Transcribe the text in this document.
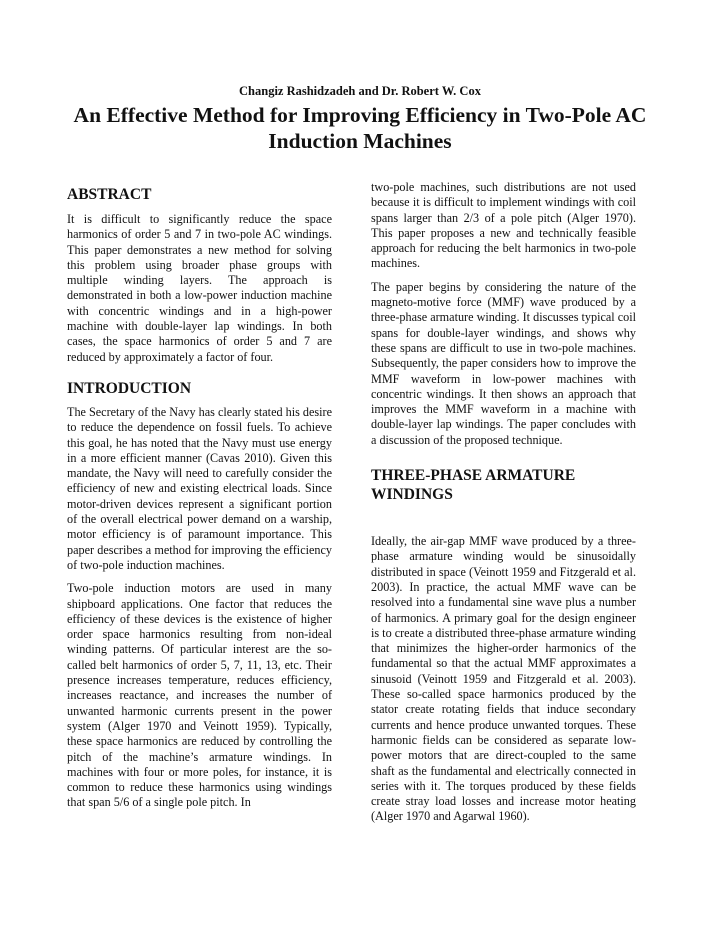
Changiz Rashidzadeh and Dr. Robert W. Cox
An Effective Method for Improving Efficiency in Two-Pole AC Induction Machines
ABSTRACT

It is difficult to significantly reduce the space harmonics of order 5 and 7 in two-pole AC windings. This paper demonstrates a new method for solving this problem using broader phase groups with multiple winding layers. The approach is demonstrated in both a low-power induction machine with concentric windings and in a high-power machine with double-layer lap windings. In both cases, the space harmonics of order 5 and 7 are reduced by approximately a factor of four.

INTRODUCTION

The Secretary of the Navy has clearly stated his desire to reduce the dependence on fossil fuels. To achieve this goal, he has noted that the Navy must use energy in a more efficient manner (Cavas 2010). Given this mandate, the Navy will need to carefully consider the efficiency of new and existing electrical loads. Since motor-driven devices represent a significant portion of the overall electrical power demand on a warship, motor efficiency is of paramount importance. This paper describes a method for improving the efficiency of two-pole induction machines.

Two-pole induction motors are used in many shipboard applications. One factor that reduces the efficiency of these devices is the existence of higher order space harmonics resulting from non-ideal winding patterns. Of particular interest are the so-called belt harmonics of order 5, 7, 11, 13, etc. Their presence increases temperature, reduces efficiency, increases reactance, and increases the number of unwanted harmonic currents present in the power system (Alger 1970 and Veinott 1959). Typically, these space harmonics are reduced by controlling the pitch of the machine’s armature windings. In machines with four or more poles, for instance, it is common to reduce these harmonics using windings that span 5/6 of a single pole pitch. In

two-pole machines, such distributions are not used because it is difficult to implement windings with coil spans larger than 2/3 of a pole pitch (Alger 1970). This paper proposes a new and technically feasible approach for reducing the belt harmonics in two-pole machines.

The paper begins by considering the nature of the magneto-motive force (MMF) wave produced by a three-phase armature winding. It discusses typical coil spans for double-layer windings, and shows why these spans are difficult to use in two-pole machines. Subsequently, the paper considers how to improve the MMF waveform in low-power machines with concentric windings. It then shows an approach that improves the MMF waveform in a machine with double-layer lap windings. The paper concludes with a discussion of the proposed technique.

THREE-PHASE ARMATURE WINDINGS

Ideally, the air-gap MMF wave produced by a three-phase armature winding would be sinusoidally distributed in space (Veinott 1959 and Fitzgerald et al. 2003). In practice, the actual MMF wave can be resolved into a fundamental sine wave plus a number of harmonics. A primary goal for the design engineer is to create a distributed three-phase armature winding that minimizes the higher-order harmonics of the fundamental so that the actual MMF approximates a sinusoid (Veinott 1959 and Fitzgerald et al. 2003). These so-called space harmonics produced by the stator create rotating fields that induce secondary currents and hence produce unwanted torques. These harmonic fields can be considered as separate low-power motors that are direct-coupled to the same shaft as the fundamental and electrically connected in series with it. The torques produced by these fields create stray load losses and increase motor heating (Alger 1970 and Agarwal 1960).
